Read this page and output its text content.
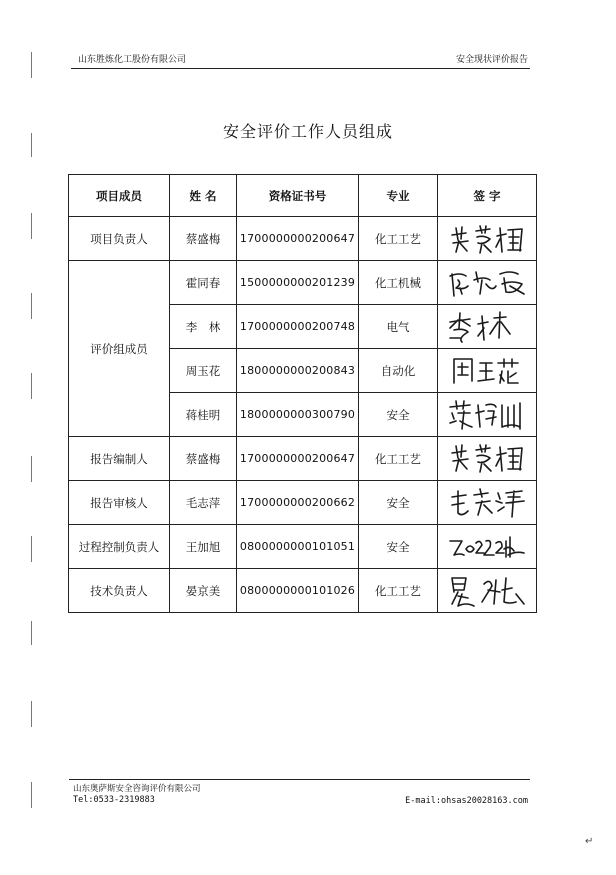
山东胜炼化工股份有限公司	安全现状评价报告
安全评价工作人员组成
项目成员	姓 名	资格证书号	专业	签 字
项目负责人	蔡盛梅	1700000000200647	化工工艺	

评价组成员	霍同春	1500000000201239	化工机械	

	李　林	1700000000200748	电气	

	周玉花	1800000000200843	自动化	

	蒋桂明	1800000000300790	安全	

报告编制人	蔡盛梅	1700000000200647	化工工艺	

报告审核人	毛志萍	1700000000200662	安全	

过程控制负责人	王加旭	0800000000101051	安全	

技术负责人	晏京美	0800000000101026	化工工艺	
山东奥萨斯安全咨询评价有限公司
Tel:0533-2319883	E-mail:ohsas20028163.com
↵
